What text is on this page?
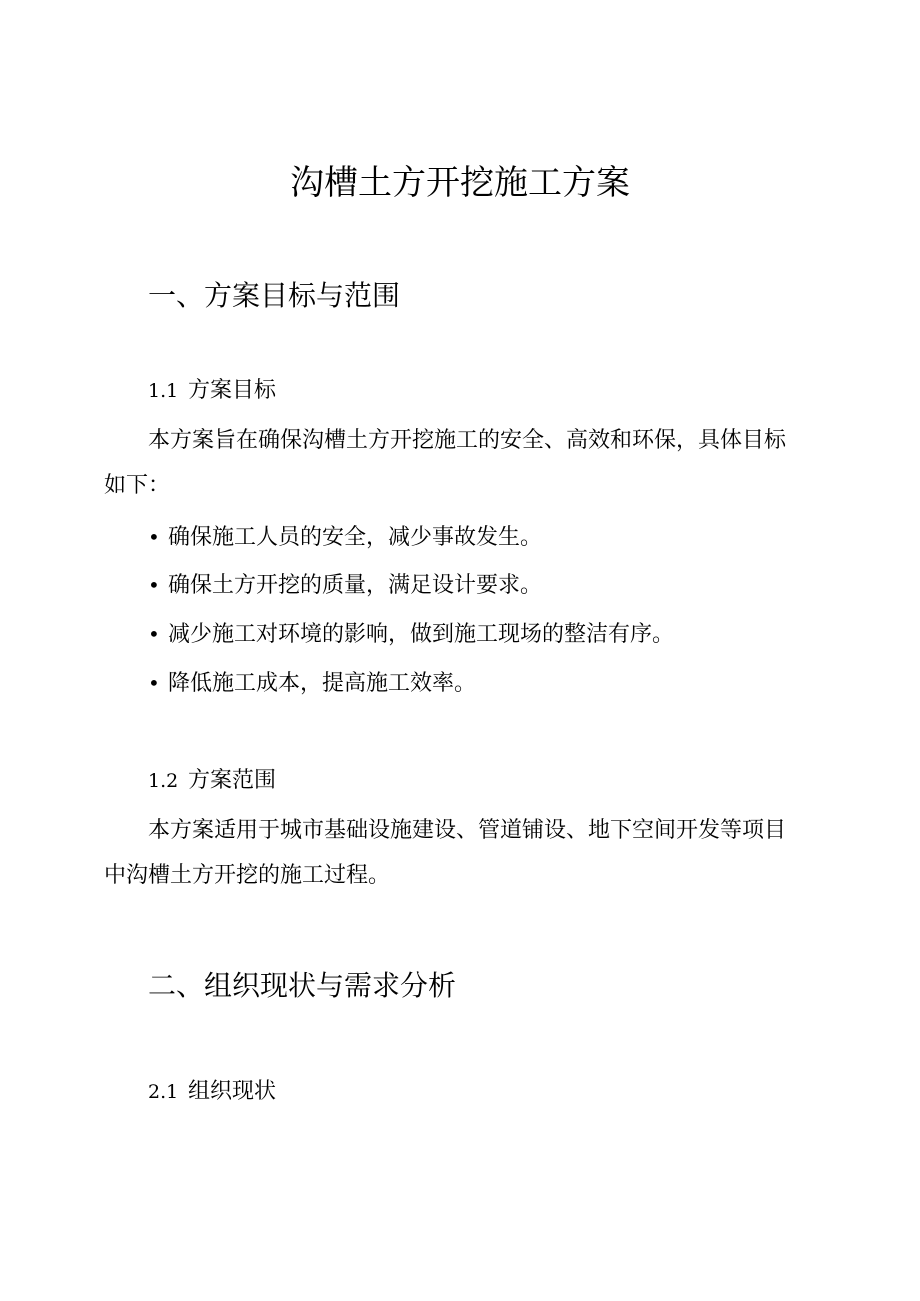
沟槽土方开挖施工方案
一、方案目标与范围
1.1 方案目标
本方案旨在确保沟槽土方开挖施工的安全、高效和环保，具体目标如下：
• 确保施工人员的安全，减少事故发生。
• 确保土方开挖的质量，满足设计要求。
• 减少施工对环境的影响，做到施工现场的整洁有序。
• 降低施工成本，提高施工效率。
1.2 方案范围
本方案适用于城市基础设施建设、管道铺设、地下空间开发等项目中沟槽土方开挖的施工过程。
二、组织现状与需求分析
2.1 组织现状
